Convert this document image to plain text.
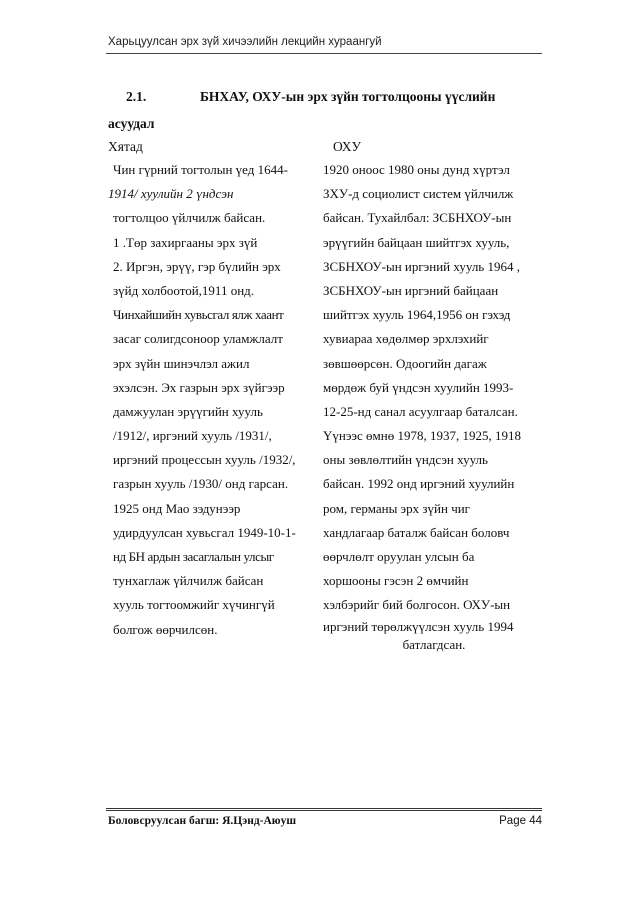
Харьцуулсан эрх зүй хичээлийн лекцийн хураангуй
2.1.	БНХАУ, ОХУ-ын эрх зүйн тогтолцооны үүслийн
асуудал
Хятад	ОХУ
Чин гүрний тогтолын үед 1644-
1914/ хуулийн 2 үндсэн
тогтолцоо үйлчилж байсан.
1 .Төр захиргааны эрх зүй
2. Иргэн, эрүү, гэр бүлийн эрх
зүйд холбоотой,1911 онд.
Чинхайшийн хувьсгал ялж хаант
засаг солигдсоноор уламжлалт
эрх зүйн шинэчлэл ажил
эхэлсэн. Эх газрын эрх зүйгээр
дамжуулан эрүүгийн хууль
/1912/, иргэний хууль /1931/,
иргэний процессын хууль /1932/,
газрын хууль /1930/ онд гарсан.
1925 онд Мао зэдунээр
удирдуулсан хувьсгал 1949-10-1-
нд БН ардын засаглалын улсыг
тунхаглаж үйлчилж байсан
хууль тогтоомжийг хүчингүй
болгож өөрчилсөн.
1920 оноос 1980 оны дунд хүртэл
ЗХУ-д социолист систем үйлчилж
байсан. Тухайлбал: ЗСБНХОУ-ын
эрүүгийн байцаан шийтгэх хууль,
ЗСБНХОУ-ын иргэний хууль 1964 ,
ЗСБНХОУ-ын иргэний байцаан
шийтгэх хууль 1964,1956 он гэхэд
хувиараа хөдөлмөр эрхлэхийг
зөвшөөрсөн. Одоогийн дагаж
мөрдөж буй үндсэн хуулийн 1993-
12-25-нд санал асуулгаар баталсан.
Үүнээс өмнө 1978, 1937, 1925, 1918
оны зөвлөлтийн үндсэн хууль
байсан. 1992 онд иргэний хуулийн
ром, германы эрх зүйн чиг
хандлагаар баталж байсан боловч
өөрчлөлт оруулан улсын ба
хоршооны гэсэн 2 өмчийн
хэлбэрийг бий болгосон. ОХУ-ын
иргэний төрөлжүүлсэн хууль 1994
батлагдсан.
Боловсруулсан багш: Я.Цэнд-Аюуш	Page 44
